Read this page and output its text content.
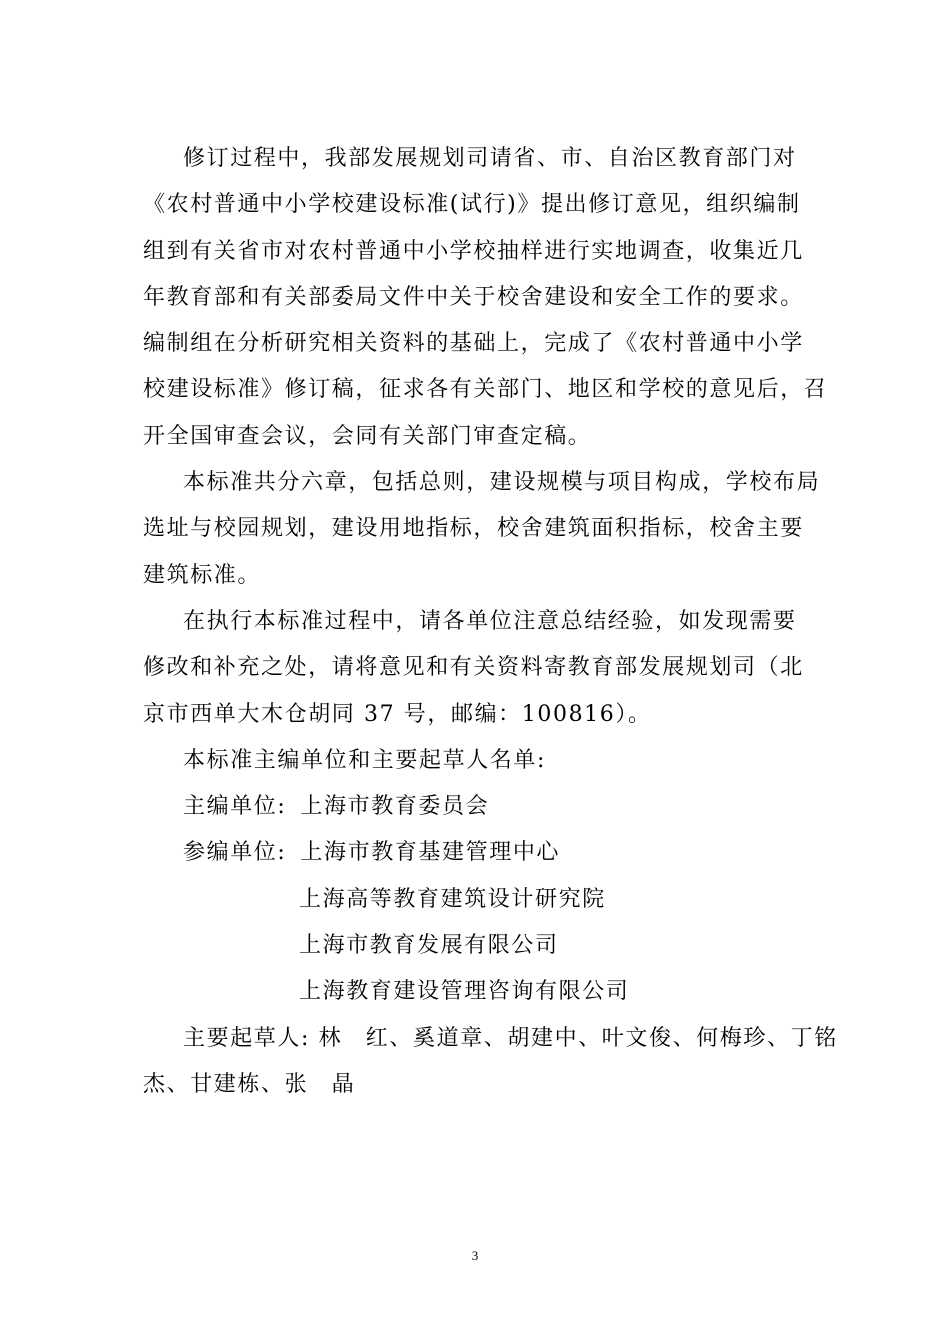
修订过程中，我部发展规划司请省、市、自治区教育部门对
《农村普通中小学校建设标准(试行)》提出修订意见，组织编制
组到有关省市对农村普通中小学校抽样进行实地调查，收集近几
年教育部和有关部委局文件中关于校舍建设和安全工作的要求。
编制组在分析研究相关资料的基础上，完成了《农村普通中小学
校建设标准》修订稿，征求各有关部门、地区和学校的意见后，召
开全国审查会议，会同有关部门审查定稿。
本标准共分六章，包括总则，建设规模与项目构成，学校布局
选址与校园规划，建设用地指标，校舍建筑面积指标，校舍主要
建筑标准。
在执行本标准过程中，请各单位注意总结经验，如发现需要
修改和补充之处，请将意见和有关资料寄教育部发展规划司（北
京市西单大木仓胡同 37 号，邮编：100816）。
本标准主编单位和主要起草人名单:
主编单位: 上海市教育委员会
参编单位: 上海市教育基建管理中心
上海高等教育建筑设计研究院
上海市教育发展有限公司
上海教育建设管理咨询有限公司
主要起草人: 林　红、奚道章、胡建中、叶文俊、何梅珍、丁铭
杰、甘建栋、张　晶
3
